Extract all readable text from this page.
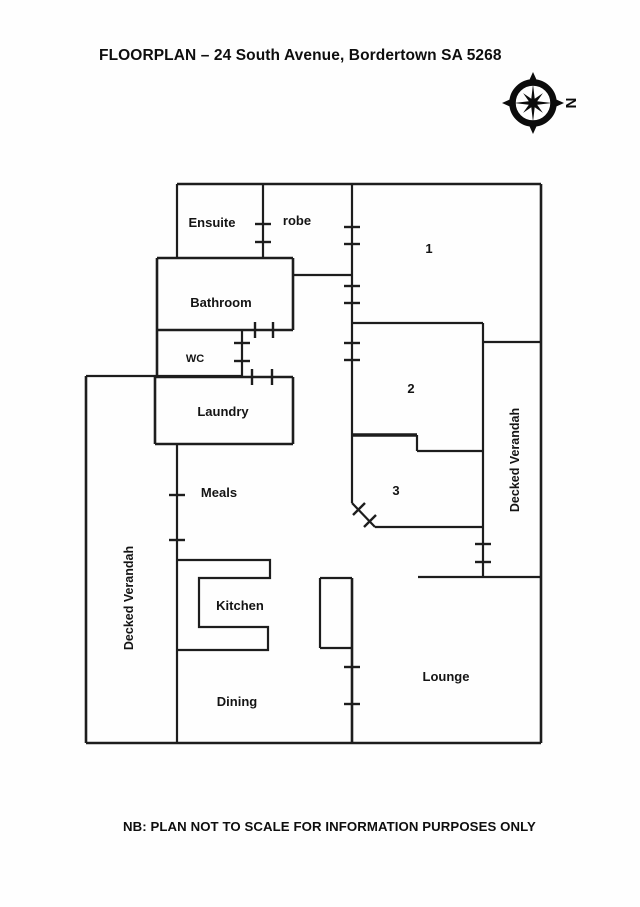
FLOORPLAN – 24 South Avenue, Bordertown SA 5268
N
Ensuite	robe
Bathroom
WC
Laundry
Meals
Kitchen
Dining
Lounge
1
2
3
Decked Verandah
Decked Verandah
NB: PLAN NOT TO SCALE FOR INFORMATION PURPOSES ONLY
